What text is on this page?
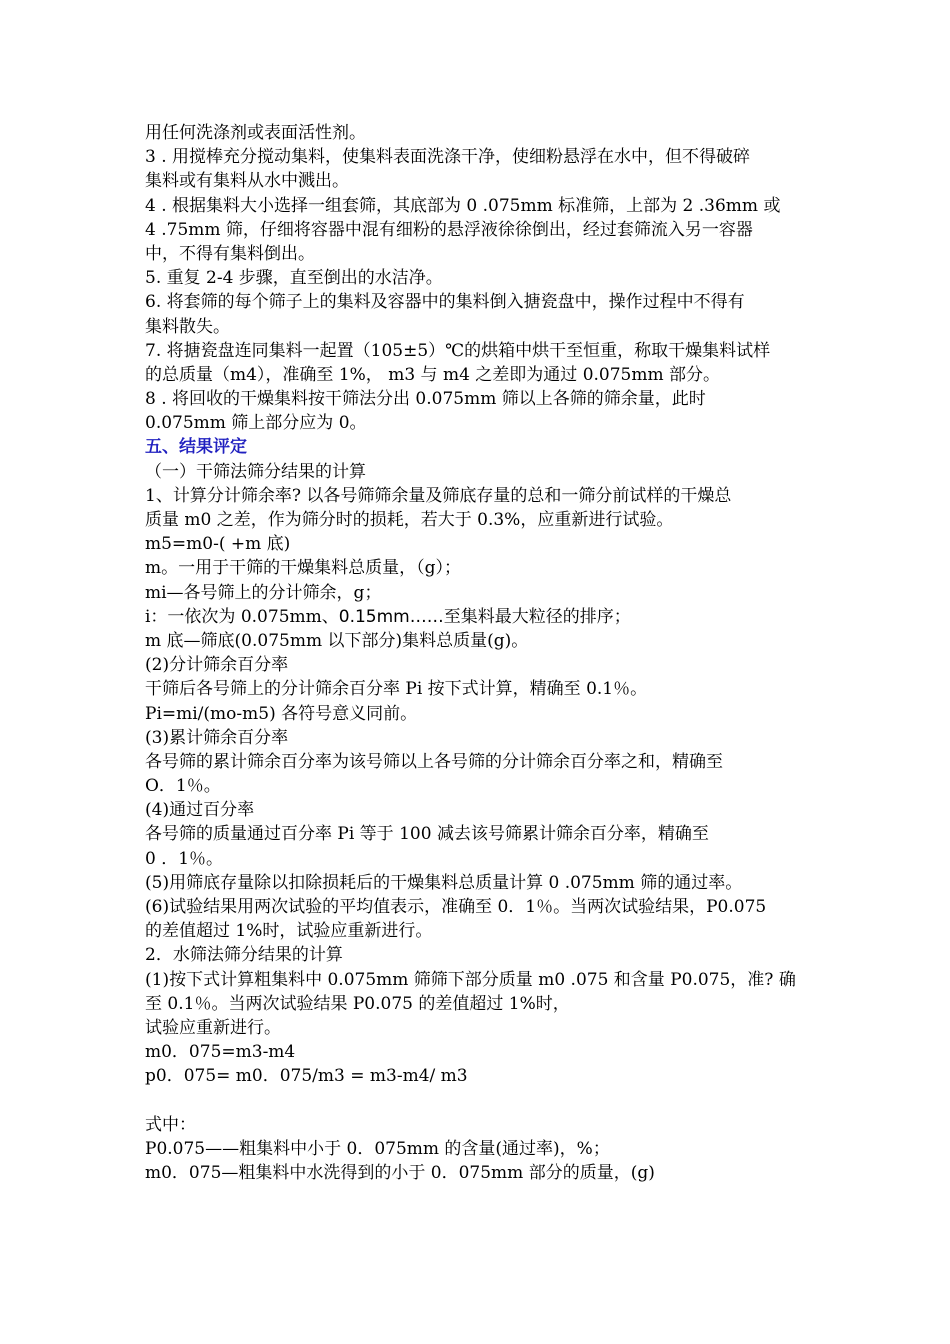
用任何洗涤剂或表面活性剂。
3 . 用搅棒充分搅动集料，使集料表面洗涤干净，使细粉悬浮在水中，但不得破碎
集料或有集料从水中溅出。
4 . 根据集料大小选择一组套筛，其底部为 0 .075mm 标准筛，上部为 2 .36mm 或
4 .75mm 筛，仔细将容器中混有细粉的悬浮液徐徐倒出，经过套筛流入另一容器
中，不得有集料倒出。
5. 重复 2-4 步骤，直至倒出的水洁净。
6. 将套筛的每个筛子上的集料及容器中的集料倒入搪瓷盘中，操作过程中不得有
集料散失。
7. 将搪瓷盘连同集料一起置（105±5）℃的烘箱中烘干至恒重，称取干燥集料试样
的总质量（m4），准确至 1%， m3 与 m4 之差即为通过 0.075mm 部分。
8 . 将回收的干燥集料按干筛法分出 0.075mm 筛以上各筛的筛余量，此时
0.075mm 筛上部分应为 0。
五、结果评定
（一）干筛法筛分结果的计算
1、计算分计筛余率? 以各号筛筛余量及筛底存量的总和一筛分前试样的干燥总
质量 m0 之差，作为筛分时的损耗，若大于 0.3%，应重新进行试验。
m5=m0-( +m 底)
m。一用于干筛的干燥集料总质量，（g）；
mi—各号筛上的分计筛余，g；
i：一依次为 0.075mm、0.15mm……至集料最大粒径的排序；
m 底—筛底(0.075mm 以下部分)集料总质量(g)。
(2)分计筛余百分率
干筛后各号筛上的分计筛余百分率 Pi 按下式计算，精确至 0.1％。
Pi=mi/(mo-m5) 各符号意义同前。
(3)累计筛余百分率
各号筛的累计筛余百分率为该号筛以上各号筛的分计筛余百分率之和，精确至
O．1％。
(4)通过百分率
各号筛的质量通过百分率 Pi 等于 100 减去该号筛累计筛余百分率，精确至
0 ．1％。
(5)用筛底存量除以扣除损耗后的干燥集料总质量计算 0 .075mm 筛的通过率。
(6)试验结果用两次试验的平均值表示，准确至 0．1％。当两次试验结果，P0.075
的差值超过 1%时，试验应重新进行。
2．水筛法筛分结果的计算
(1)按下式计算粗集料中 0.075mm 筛筛下部分质量 m0 .075 和含量 P0.075，准? 确
至 0.1％。当两次试验结果 P0.075 的差值超过 1%时，
试验应重新进行。
m0．075=m3-m4
p0．075= m0．075/m3 = m3-m4/ m3
式中：
P0.075——粗集料中小于 0．075mm 的含量(通过率)，%；
m0．075—粗集料中水洗得到的小于 0．075mm 部分的质量，(g)
